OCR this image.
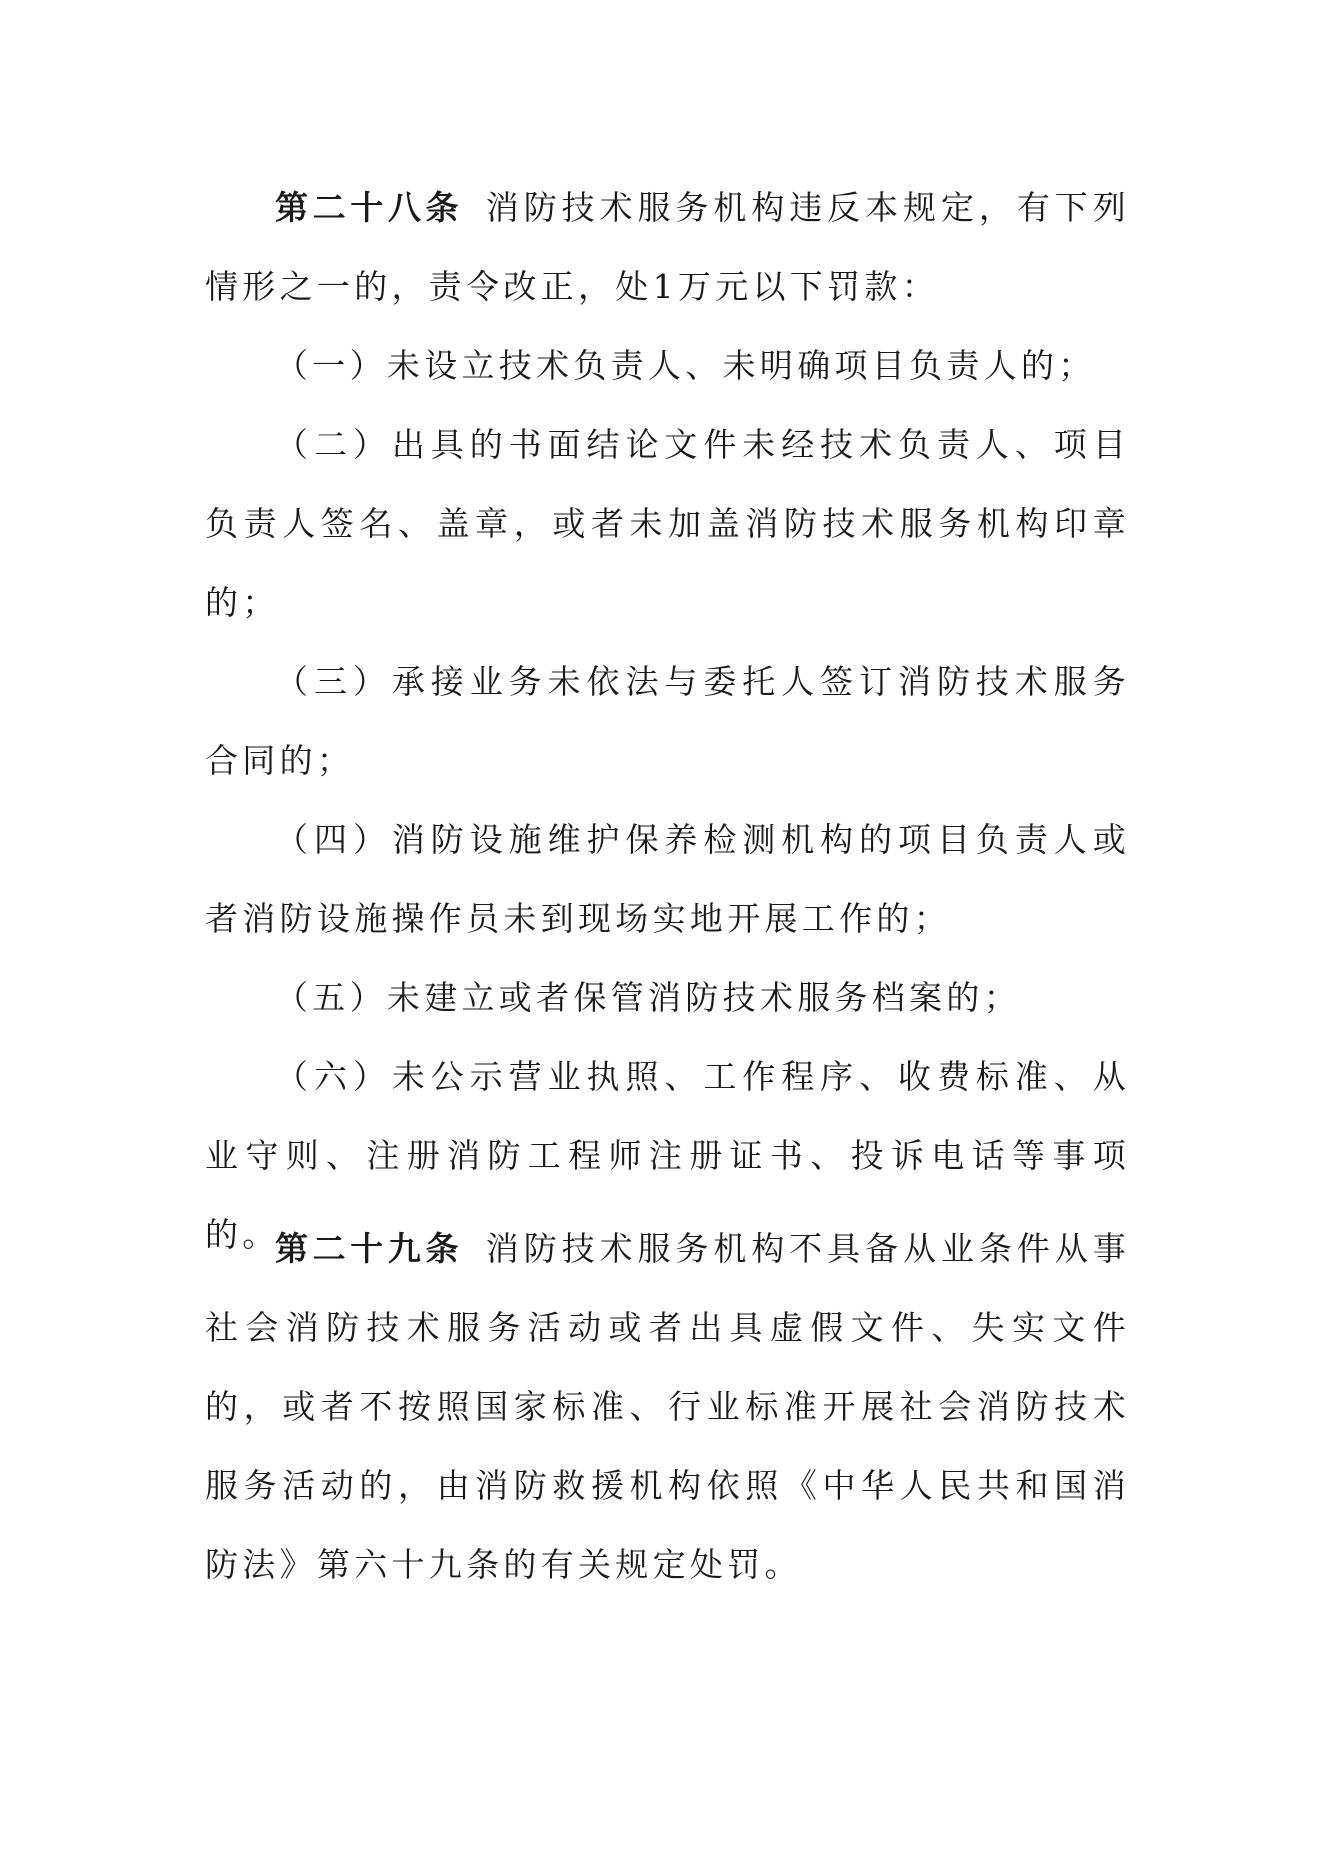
第二十八条 消防技术服务机构违反本规定，有下列情形之一的，责令改正，处1万元以下罚款：

（一）未设立技术负责人、未明确项目负责人的；

（二）出具的书面结论文件未经技术负责人、项目负责人签名、盖章，或者未加盖消防技术服务机构印章的；

（三）承接业务未依法与委托人签订消防技术服务合同的；

（四）消防设施维护保养检测机构的项目负责人或者消防设施操作员未到现场实地开展工作的；

（五）未建立或者保管消防技术服务档案的；

（六）未公示营业执照、工作程序、收费标准、从业守则、注册消防工程师注册证书、投诉电话等事项的。

第二十九条 消防技术服务机构不具备从业条件从事社会消防技术服务活动或者出具虚假文件、失实文件的，或者不按照国家标准、行业标准开展社会消防技术服务活动的，由消防救援机构依照《中华人民共和国消防法》第六十九条的有关规定处罚。
